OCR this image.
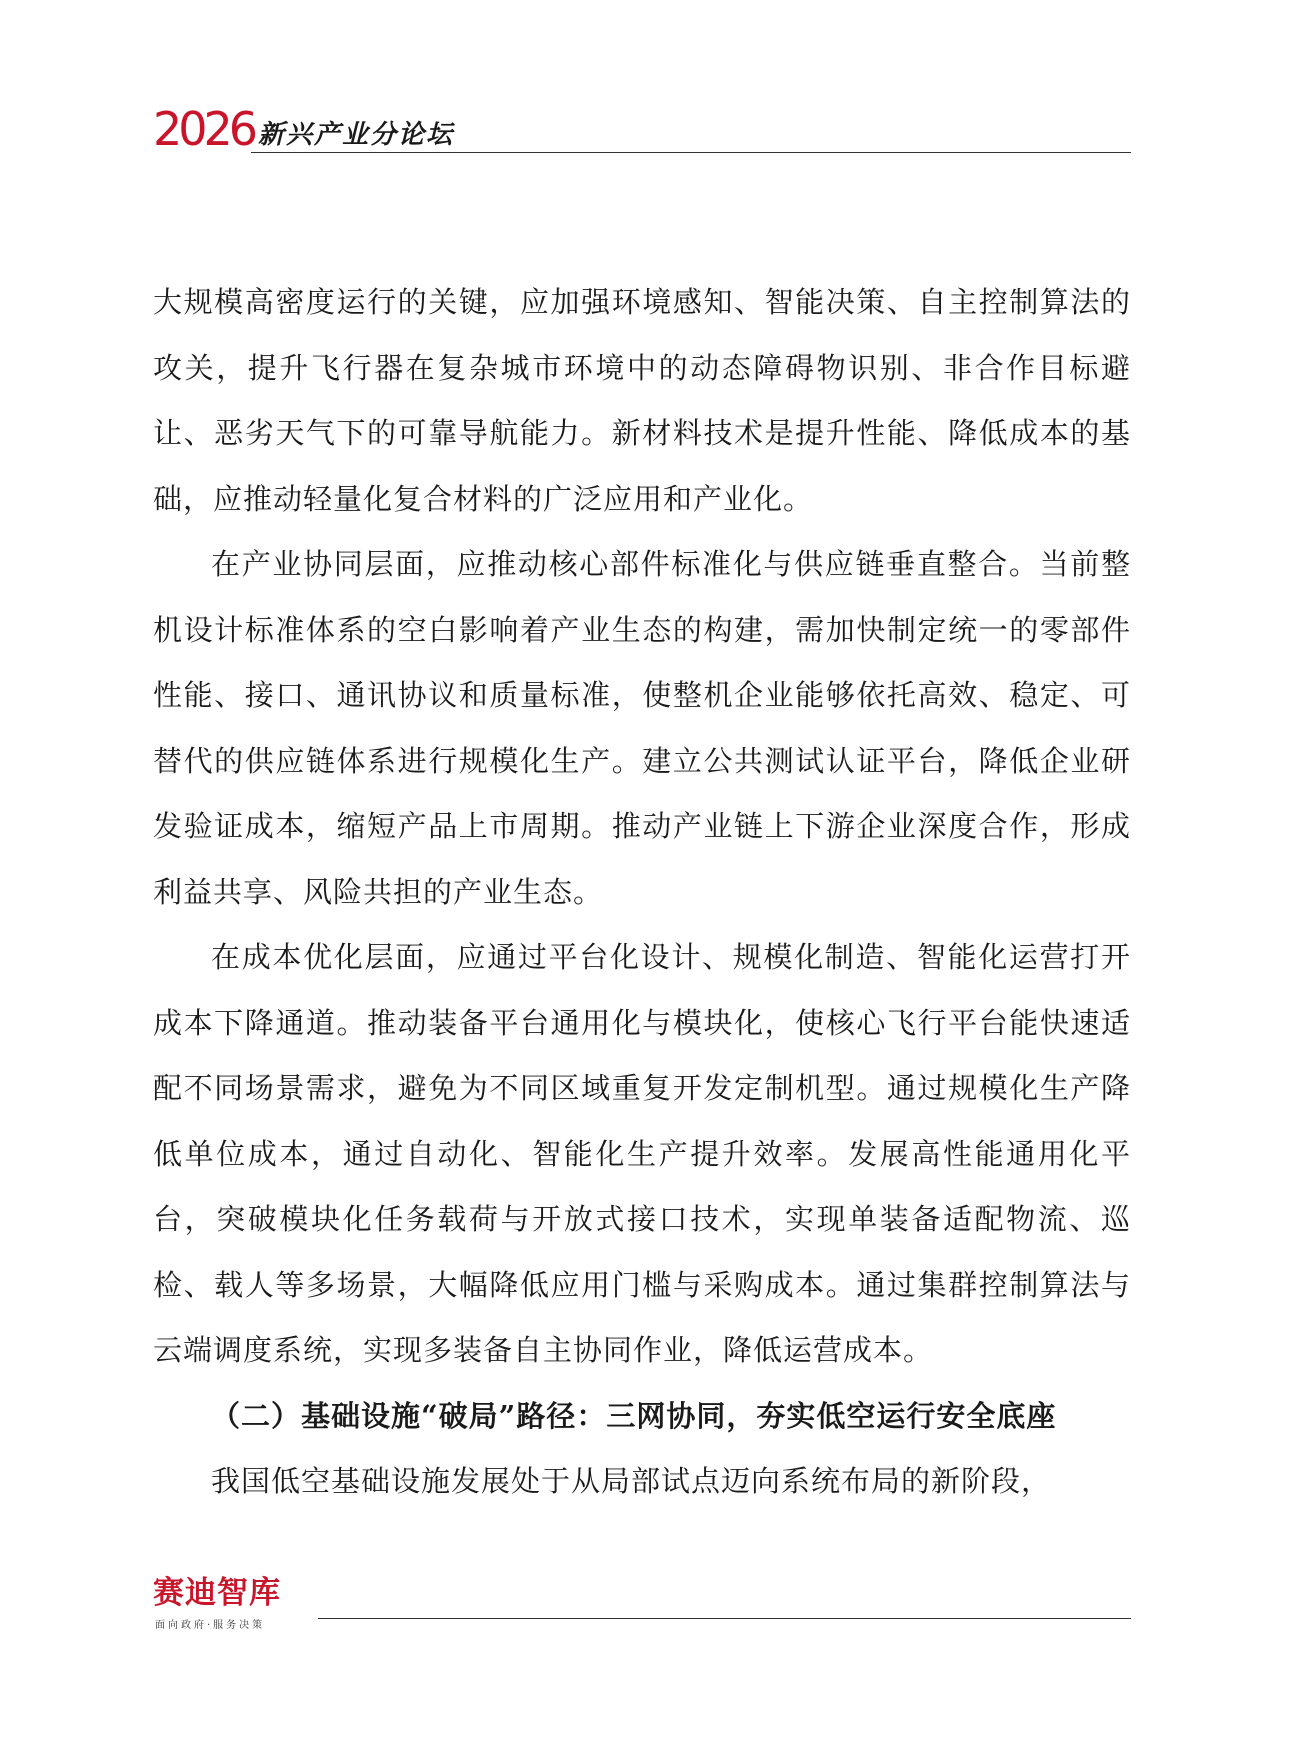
2026 新兴产业分论坛

大规模高密度运行的关键，应加强环境感知、智能决策、自主控制算法的攻关，提升飞行器在复杂城市环境中的动态障碍物识别、非合作目标避让、恶劣天气下的可靠导航能力。新材料技术是提升性能、降低成本的基础，应推动轻量化复合材料的广泛应用和产业化。

在产业协同层面，应推动核心部件标准化与供应链垂直整合。当前整机设计标准体系的空白影响着产业生态的构建，需加快制定统一的零部件性能、接口、通讯协议和质量标准，使整机企业能够依托高效、稳定、可替代的供应链体系进行规模化生产。建立公共测试认证平台，降低企业研发验证成本，缩短产品上市周期。推动产业链上下游企业深度合作，形成利益共享、风险共担的产业生态。

在成本优化层面，应通过平台化设计、规模化制造、智能化运营打开成本下降通道。推动装备平台通用化与模块化，使核心飞行平台能快速适配不同场景需求，避免为不同区域重复开发定制机型。通过规模化生产降低单位成本，通过自动化、智能化生产提升效率。发展高性能通用化平台，突破模块化任务载荷与开放式接口技术，实现单装备适配物流、巡检、载人等多场景，大幅降低应用门槛与采购成本。通过集群控制算法与云端调度系统，实现多装备自主协同作业，降低运营成本。

（二）基础设施“破局”路径：三网协同，夯实低空运行安全底座

我国低空基础设施发展处于从局部试点迈向系统布局的新阶段，

赛迪智库
面向政府·服务决策
